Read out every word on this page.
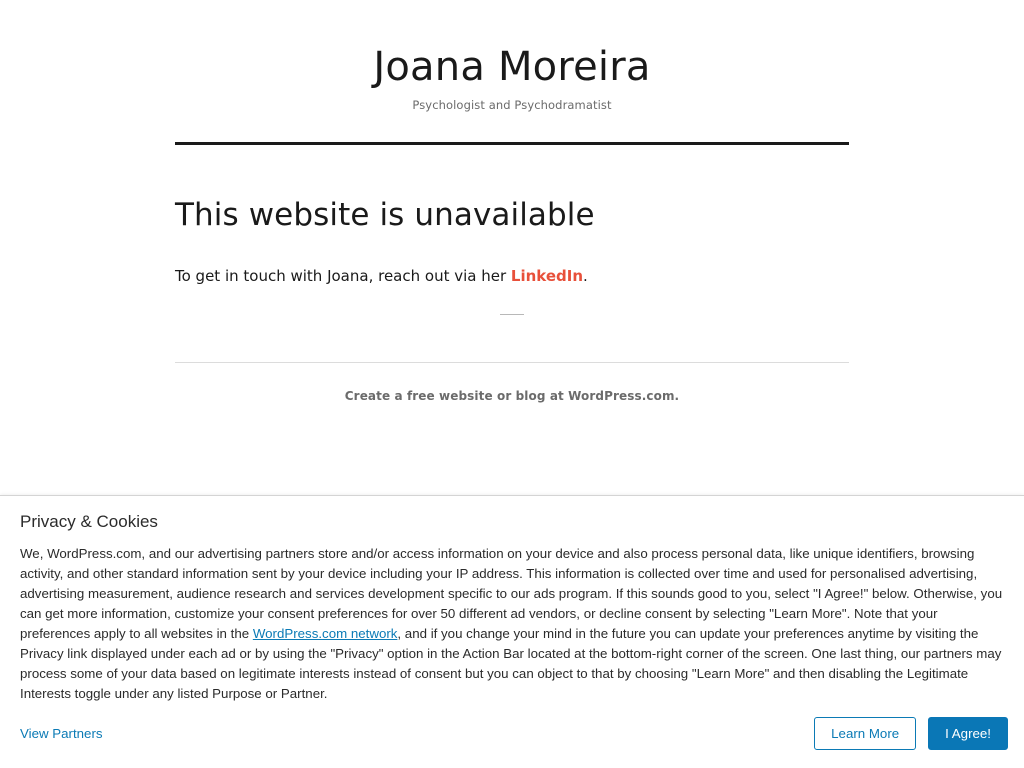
Joana Moreira

Psychologist and Psychodramatist

This website is unavailable

To get in touch with Joana, reach out via her LinkedIn.

Create a free website or blog at WordPress.com.
Privacy & Cookies

We, WordPress.com, and our advertising partners store and/or access information on your device and also process personal data, like unique identifiers, browsing activity, and other standard information sent by your device including your IP address. This information is collected over time and used for personalised advertising, advertising measurement, audience research and services development specific to our ads program. If this sounds good to you, select "I Agree!" below. Otherwise, you can get more information, customize your consent preferences for over 50 different ad vendors, or decline consent by selecting "Learn More". Note that your preferences apply to all websites in the WordPress.com network, and if you change your mind in the future you can update your preferences anytime by visiting the Privacy link displayed under each ad or by using the "Privacy" option in the Action Bar located at the bottom-right corner of the screen. One last thing, our partners may process some of your data based on legitimate interests instead of consent but you can object to that by choosing "Learn More" and then disabling the Legitimate Interests toggle under any listed Purpose or Partner.

View Partners	Learn More	I Agree!
